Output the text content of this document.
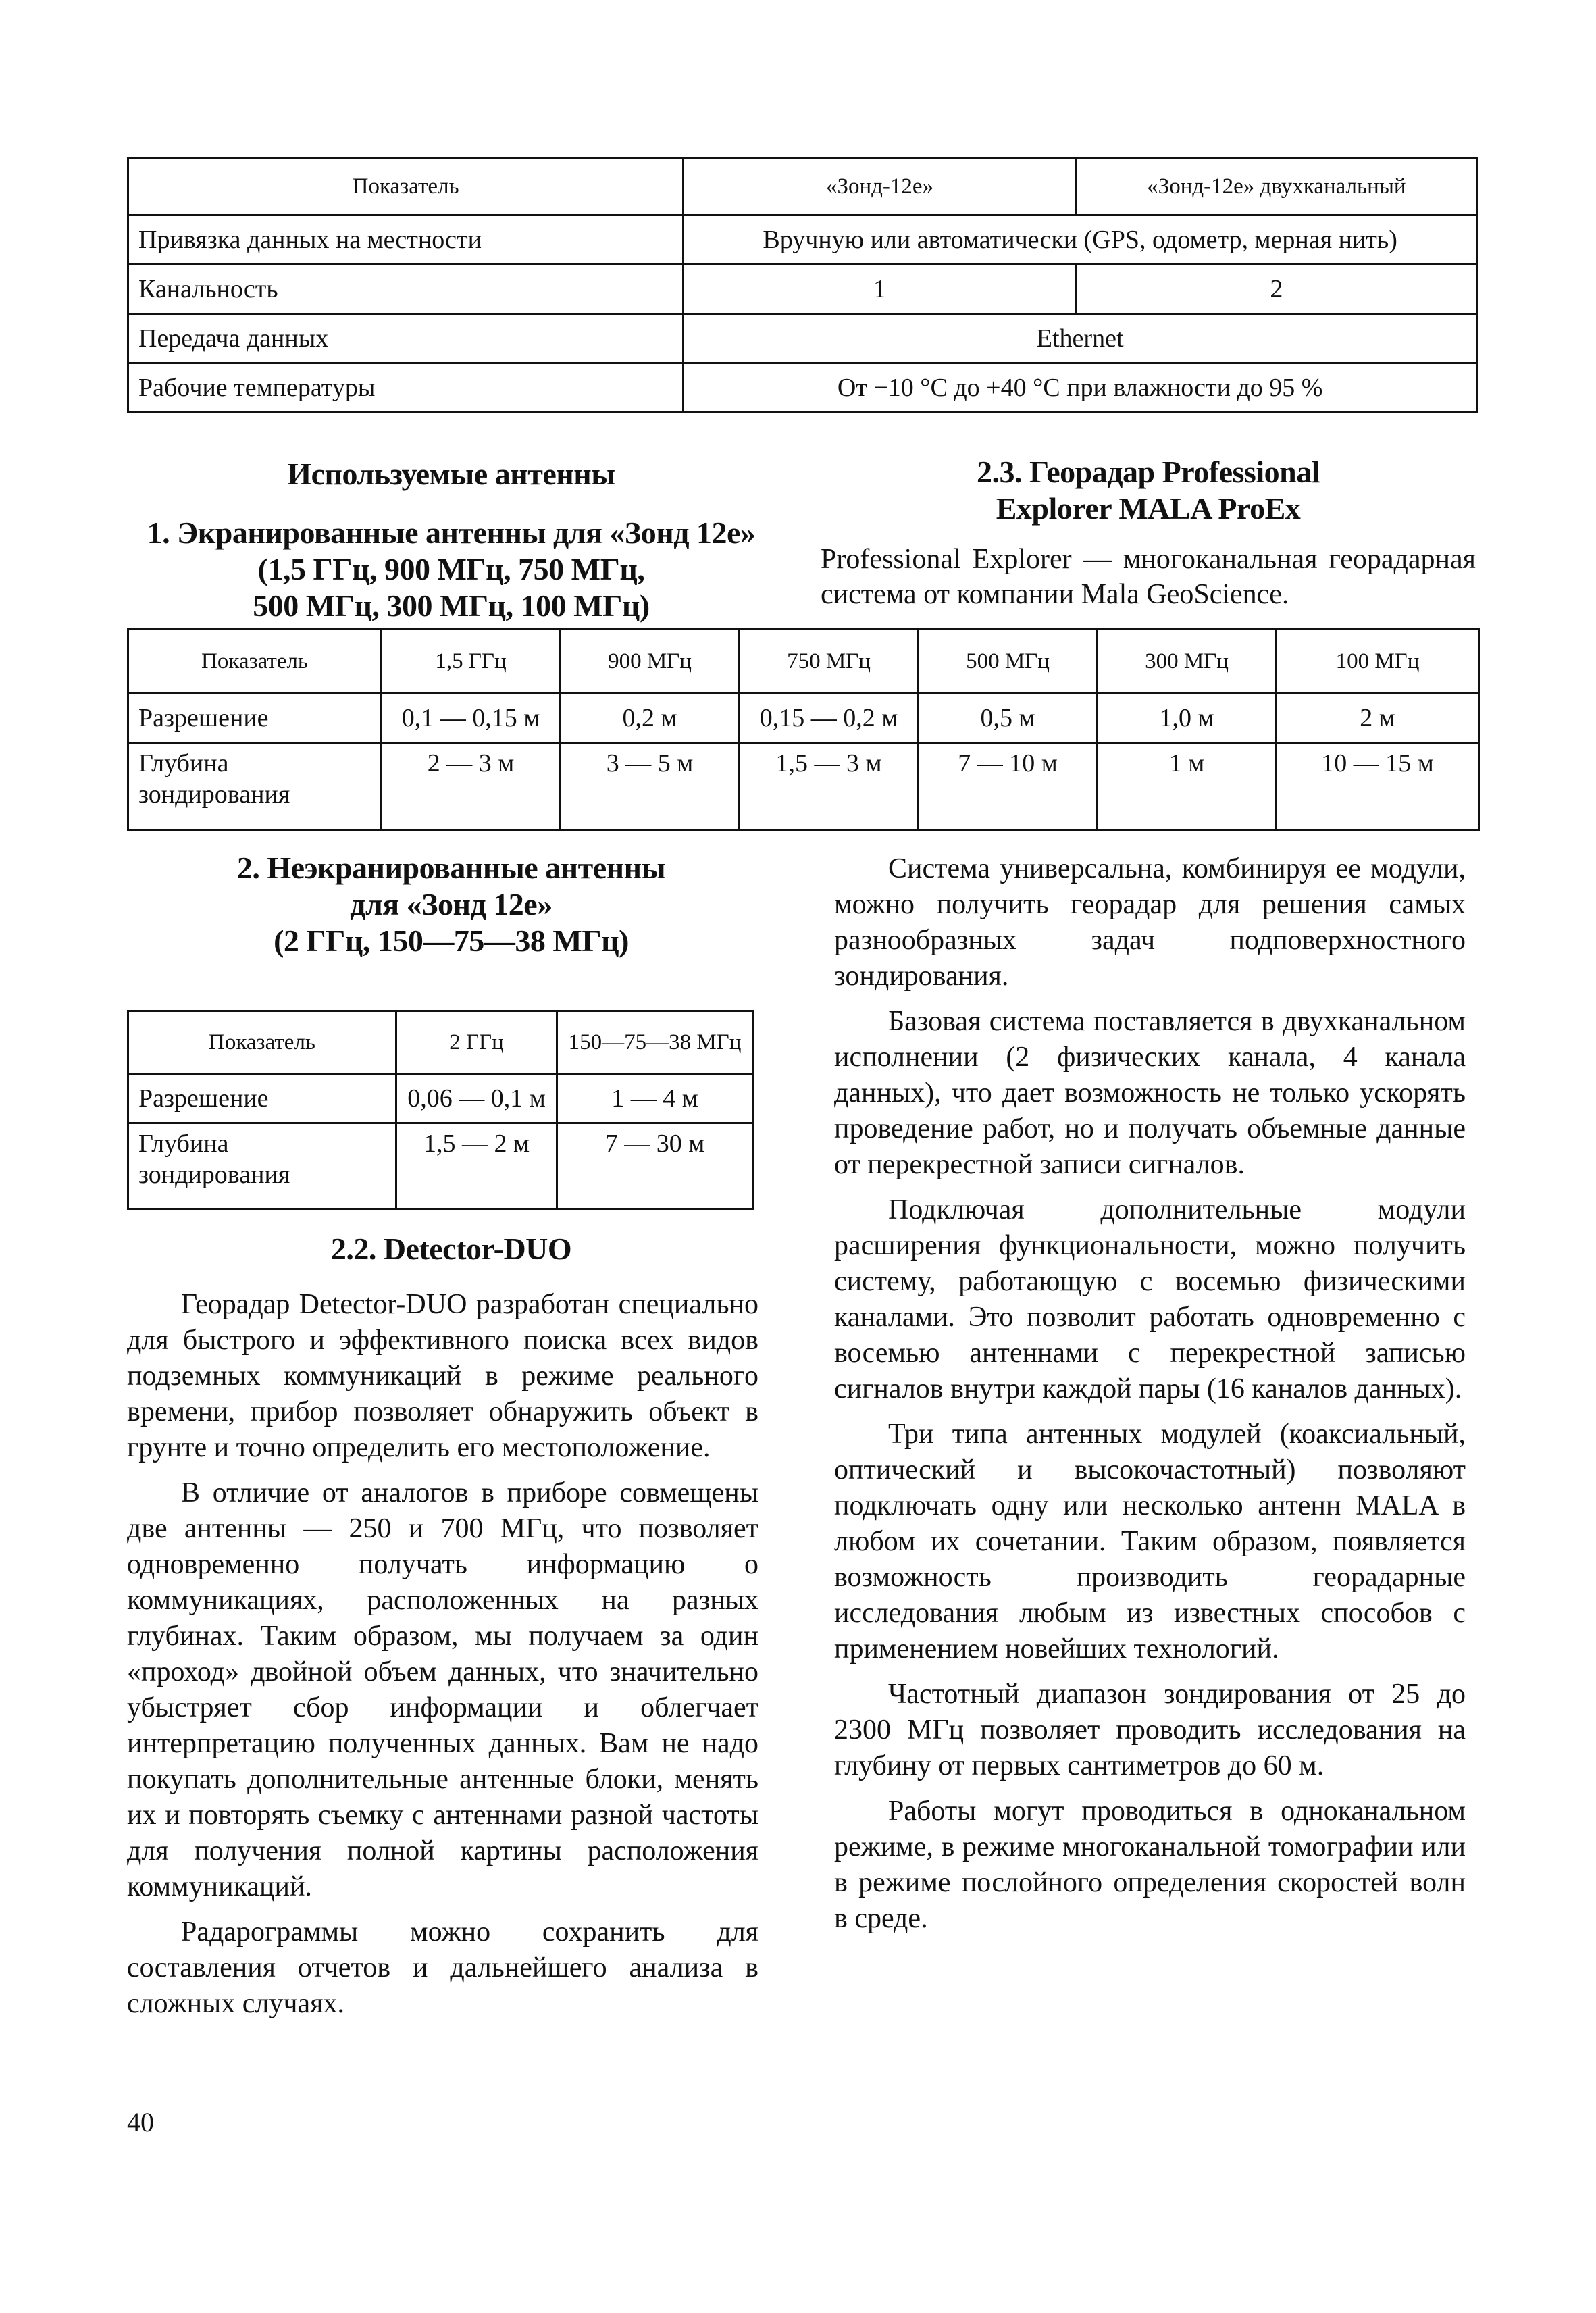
Показатель	«Зонд-12е»	«Зонд-12е» двухканальный
Привязка данных на местности	Вручную или автоматически (GPS, одометр, мерная нить)	
Канальность	1	2
Передача данных	Ethernet	
Рабочие температуры	От −10 °С до +40 °С при влажности до 95 %	
Используемые антенны
1. Экранированные антенны для «Зонд 12е»
(1,5 ГГц, 900 МГц, 750 МГц,
500 МГц, 300 МГц, 100 МГц)
2.3. Георадар Professional
Explorer MALA ProEx
Professional Explorer — многоканальная георадарная система от компании Mala GeoScience.
Показатель	1,5 ГГц	900 МГц	750 МГц	500 МГц	300 МГц	100 МГц
Разрешение	0,1 — 0,15 м	0,2 м	0,15 — 0,2 м	0,5 м	1,0 м	2 м
Глубина зондирования	2 — 3 м	3 — 5 м	1,5 — 3 м	7 — 10 м	1 м	10 — 15 м
2. Неэкранированные антенны
для «Зонд 12е»
(2 ГГц, 150—75—38 МГц)
Показатель	2 ГГц	150—75—38 МГц
Разрешение	0,06 — 0,1 м	1 — 4 м
Глубина зондирования	1,5 — 2 м	7 — 30 м
2.2. Detector-DUO

Георадар Detector-DUO разработан специально для быстрого и эффективного поиска всех видов подземных коммуникаций в режиме реального времени, прибор позволяет обнаружить объект в грунте и точно определить его местоположение.

В отличие от аналогов в приборе совмещены две антенны — 250 и 700 МГц, что позволяет одновременно получать информацию о коммуникациях, расположенных на разных глубинах. Таким образом, мы получаем за один «проход» двойной объем данных, что значительно убыстряет сбор информации и облегчает интерпретацию полученных данных. Вам не надо покупать дополнительные антенные блоки, менять их и повторять съемку с антеннами разной частоты для получения полной картины расположения коммуникаций.

Радарограммы можно сохранить для составления отчетов и дальнейшего анализа в сложных случаях.

Система универсальна, комбинируя ее модули, можно получить георадар для решения самых разнообразных задач подповерхностного зондирования.

Базовая система поставляется в двухканальном исполнении (2 физических канала, 4 канала данных), что дает возможность не только ускорять проведение работ, но и получать объемные данные от перекрестной записи сигналов.

Подключая дополнительные модули расширения функциональности, можно получить систему, работающую с восемью физическими каналами. Это позволит работать одновременно с восемью антеннами с перекрестной записью сигналов внутри каждой пары (16 каналов данных).

Три типа антенных модулей (коаксиальный, оптический и высокочастотный) позволяют подключать одну или несколько антенн MALA в любом их сочетании. Таким образом, появляется возможность производить георадарные исследования любым из известных способов с применением новейших технологий.

Частотный диапазон зондирования от 25 до 2300 МГц позволяет проводить исследования на глубину от первых сантиметров до 60 м.

Работы могут проводиться в одноканальном режиме, в режиме многоканальной томографии или в режиме послойного определения скоростей волн в среде.

40
